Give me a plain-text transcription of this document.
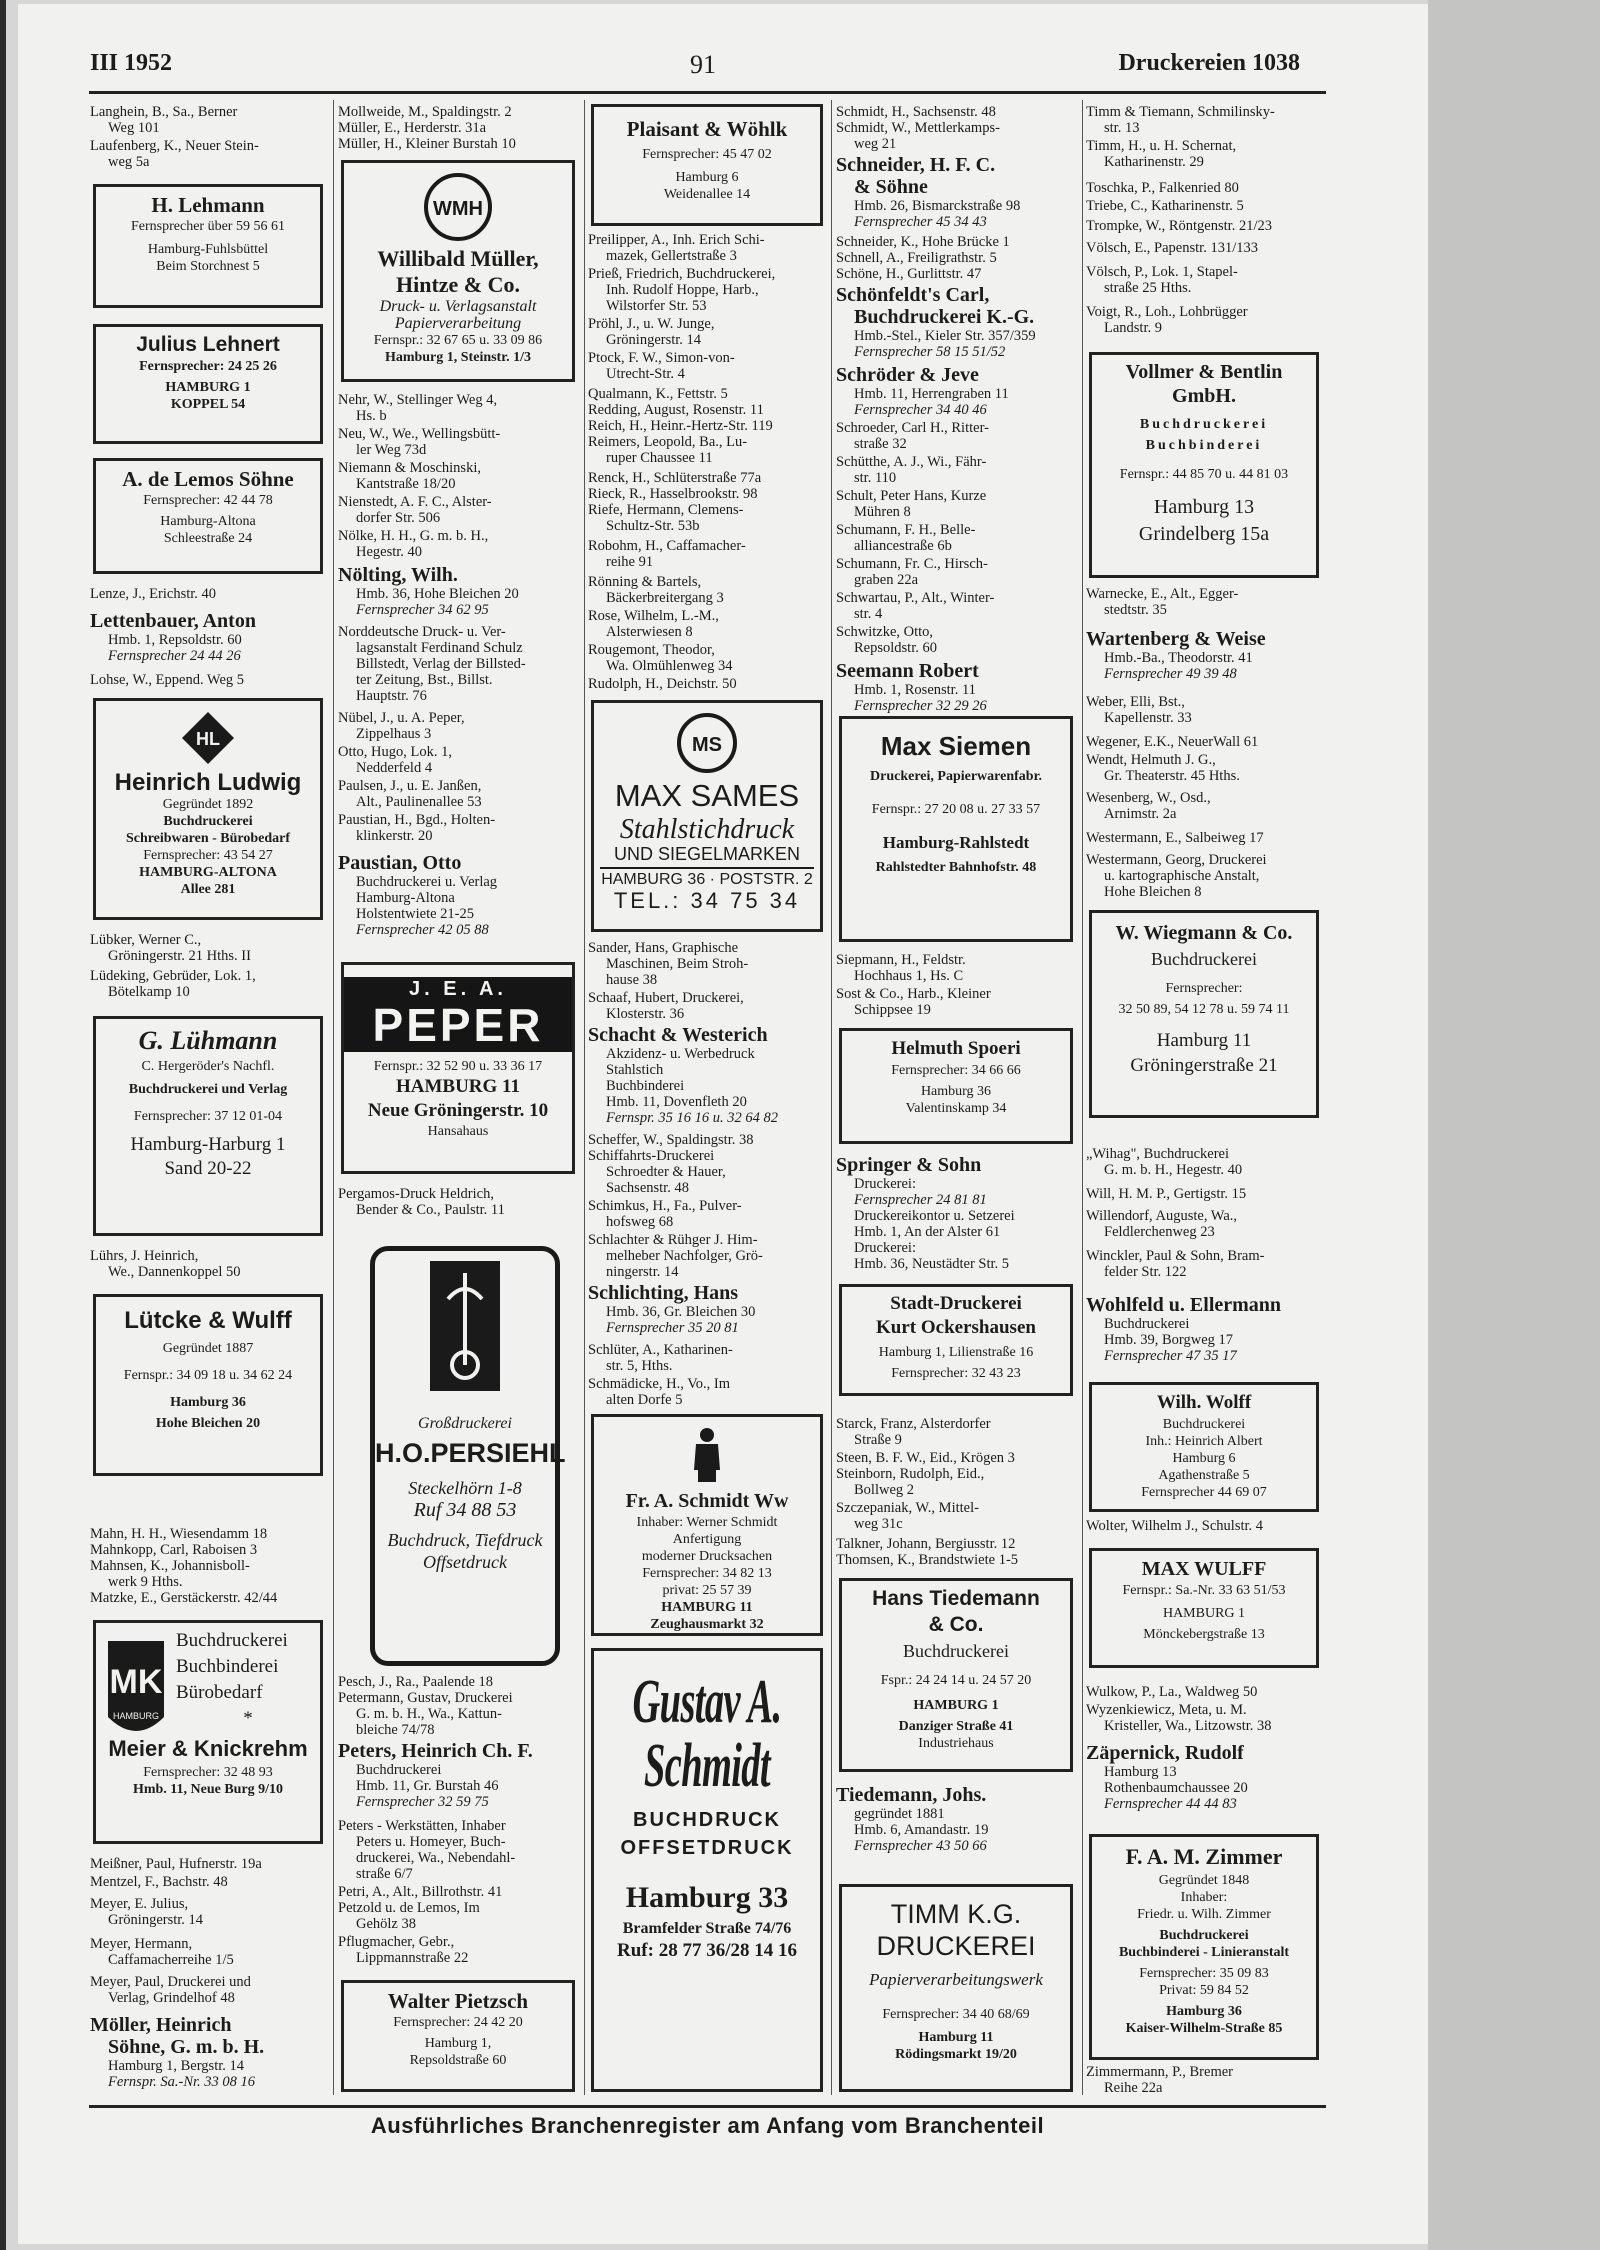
III 1952	91	Druckereien 1038
Langhein, B., Sa., Berner
Weg 101
Laufenberg, K., Neuer Stein-
weg 5a
H. Lehmann
Fernsprecher über 59 56 61
Hamburg-Fuhlsbüttel
Beim Storchnest 5
Julius Lehnert
Fernsprecher: 24 25 26
HAMBURG 1
KOPPEL 54
A. de Lemos Söhne
Fernsprecher: 42 44 78
Hamburg-Altona
Schleestraße 24
Lenze, J., Erichstr. 40
Lettenbauer, Anton
Hmb. 1, Repsoldstr. 60
Fernsprecher 24 44 26
Lohse, W., Eppend. Weg 5
HL
Heinrich Ludwig
Gegründet 1892
Buchdruckerei
Schreibwaren - Bürobedarf
Fernsprecher: 43 54 27
HAMBURG-ALTONA
Allee 281
Lübker, Werner C.,
Gröningerstr. 21 Hths. II
Lüdeking, Gebrüder, Lok. 1,
Bötelkamp 10
G. Lühmann
C. Hergeröder's Nachfl.
Buchdruckerei und Verlag
Fernsprecher: 37 12 01-04
Hamburg-Harburg 1
Sand 20-22
Lührs, J. Heinrich,
We., Dannenkoppel 50
Lütcke & Wulff
Gegründet 1887
Fernspr.: 34 09 18 u. 34 62 24
Hamburg 36
Hohe Bleichen 20
Mahn, H. H., Wiesendamm 18
Mahnkopp, Carl, Raboisen 3
Mahnsen, K., Johannisboll-
werk 9 Hths.
Matzke, E., Gerstäckerstr. 42/44
MK
HAMBURG
Buchdruckerei
Buchbinderei
Bürobedarf
*
Meier & Knickrehm
Fernsprecher: 32 48 93
Hmb. 11, Neue Burg 9/10
Meißner, Paul, Hufnerstr. 19a
Mentzel, F., Bachstr. 48
Meyer, E. Julius,
Gröningerstr. 14
Meyer, Hermann,
Caffamacherreihe 1/5
Meyer, Paul, Druckerei und
Verlag, Grindelhof 48
Möller, Heinrich
Söhne, G. m. b. H.
Hamburg 1, Bergstr. 14
Fernspr. Sa.-Nr. 33 08 16
Mollweide, M., Spaldingstr. 2
Müller, E., Herderstr. 31a
Müller, H., Kleiner Burstah 10
WMH
Willibald Müller,
Hintze & Co.
Druck- u. Verlagsanstalt
Papierverarbeitung
Fernspr.: 32 67 65 u. 33 09 86
Hamburg 1, Steinstr. 1/3
Nehr, W., Stellinger Weg 4,
Hs. b
Neu, W., We., Wellingsbütt-
ler Weg 73d
Niemann & Moschinski,
Kantstraße 18/20
Nienstedt, A. F. C., Alster-
dorfer Str. 506
Nölke, H. H., G. m. b. H.,
Hegestr. 40
Nölting, Wilh.
Hmb. 36, Hohe Bleichen 20
Fernsprecher 34 62 95
Norddeutsche Druck- u. Ver-
lagsanstalt Ferdinand Schulz
Billstedt, Verlag der Billsted-
ter Zeitung, Bst., Billst.
Hauptstr. 76
Nübel, J., u. A. Peper,
Zippelhaus 3
Otto, Hugo, Lok. 1,
Nedderfeld 4
Paulsen, J., u. E. Janßen,
Alt., Paulinenallee 53
Paustian, H., Bgd., Holten-
klinkerstr. 20
Paustian, Otto
Buchdruckerei u. Verlag
Hamburg-Altona
Holstentwiete 21-25
Fernsprecher 42 05 88
J. E. A.
PEPER
Fernspr.: 32 52 90 u. 33 36 17
HAMBURG 11
Neue Gröningerstr. 10
Hansahaus
Pergamos-Druck Heldrich,
Bender & Co., Paulstr. 11
Großdruckerei
H.O.PERSIEHL
Steckelhörn 1-8
Ruf 34 88 53
Buchdruck, Tiefdruck
Offsetdruck
Pesch, J., Ra., Paalende 18
Petermann, Gustav, Druckerei
G. m. b. H., Wa., Kattun-
bleiche 74/78
Peters, Heinrich Ch. F.
Buchdruckerei
Hmb. 11, Gr. Burstah 46
Fernsprecher 32 59 75
Peters - Werkstätten, Inhaber
Peters u. Homeyer, Buch-
druckerei, Wa., Nebendahl-
straße 6/7
Petri, A., Alt., Billrothstr. 41
Petzold u. de Lemos, Im
Gehölz 38
Pflugmacher, Gebr.,
Lippmannstraße 22
Walter Pietzsch
Fernsprecher: 24 42 20
Hamburg 1,
Repsoldstraße 60
Plaisant & Wöhlk
Fernsprecher: 45 47 02
Hamburg 6
Weidenallee 14
Preilipper, A., Inh. Erich Schi-
mazek, Gellertstraße 3
Prieß, Friedrich, Buchdruckerei,
Inh. Rudolf Hoppe, Harb.,
Wilstorfer Str. 53
Pröhl, J., u. W. Junge,
Gröningerstr. 14
Ptock, F. W., Simon-von-
Utrecht-Str. 4
Qualmann, K., Fettstr. 5
Redding, August, Rosenstr. 11
Reich, H., Heinr.-Hertz-Str. 119
Reimers, Leopold, Ba., Lu-
ruper Chaussee 11
Renck, H., Schlüterstraße 77a
Rieck, R., Hasselbrookstr. 98
Riefe, Hermann, Clemens-
Schultz-Str. 53b
Robohm, H., Caffamacher-
reihe 91
Rönning & Bartels,
Bäckerbreitergang 3
Rose, Wilhelm, L.-M.,
Alsterwiesen 8
Rougemont, Theodor,
Wa. Olmühlenweg 34
Rudolph, H., Deichstr. 50
MS
MAX SAMES
Stahlstichdruck
UND SIEGELMARKEN
HAMBURG 36 · POSTSTR. 2
TEL.: 34 75 34
Sander, Hans, Graphische
Maschinen, Beim Stroh-
hause 38
Schaaf, Hubert, Druckerei,
Klosterstr. 36
Schacht & Westerich
Akzidenz- u. Werbedruck
Stahlstich
Buchbinderei
Hmb. 11, Dovenfleth 20
Fernspr. 35 16 16 u. 32 64 82
Scheffer, W., Spaldingstr. 38
Schiffahrts-Druckerei
Schroedter & Hauer,
Sachsenstr. 48
Schimkus, H., Fa., Pulver-
hofsweg 68
Schlachter & Rühger J. Him-
melheber Nachfolger, Grö-
ningerstr. 14
Schlichting, Hans
Hmb. 36, Gr. Bleichen 30
Fernsprecher 35 20 81
Schlüter, A., Katharinen-
str. 5, Hths.
Schmädicke, H., Vo., Im
alten Dorfe 5
Fr. A. Schmidt Ww
Inhaber: Werner Schmidt
Anfertigung
moderner Drucksachen
Fernsprecher: 34 82 13
privat: 25 57 39
HAMBURG 11
Zeughausmarkt 32
Gustav A. Schmidt
BUCHDRUCK
OFFSETDRUCK
Hamburg 33
Bramfelder Straße 74/76
Ruf: 28 77 36/28 14 16
Schmidt, H., Sachsenstr. 48
Schmidt, W., Mettlerkamps-
weg 21
Schneider, H. F. C.
& Söhne
Hmb. 26, Bismarckstraße 98
Fernsprecher 45 34 43
Schneider, K., Hohe Brücke 1
Schnell, A., Freiligrathstr. 5
Schöne, H., Gurlittstr. 47
Schönfeldt's Carl,
Buchdruckerei K.-G.
Hmb.-Stel., Kieler Str. 357/359
Fernsprecher 58 15 51/52
Schröder & Jeve
Hmb. 11, Herrengraben 11
Fernsprecher 34 40 46
Schroeder, Carl H., Ritter-
straße 32
Schütthe, A. J., Wi., Fähr-
str. 110
Schult, Peter Hans, Kurze
Mühren 8
Schumann, F. H., Belle-
alliancestraße 6b
Schumann, Fr. C., Hirsch-
graben 22a
Schwartau, P., Alt., Winter-
str. 4
Schwitzke, Otto,
Repsoldstr. 60
Seemann Robert
Hmb. 1, Rosenstr. 11
Fernsprecher 32 29 26
Max Siemen
Druckerei, Papierwarenfabr.
Fernspr.: 27 20 08 u. 27 33 57
Hamburg-Rahlstedt
Rahlstedter Bahnhofstr. 48
Siepmann, H., Feldstr.
Hochhaus 1, Hs. C
Sost & Co., Harb., Kleiner
Schippsee 19
Helmuth Spoeri
Fernsprecher: 34 66 66
Hamburg 36
Valentinskamp 34
Springer & Sohn
Druckerei:
Fernsprecher 24 81 81
Druckereikontor u. Setzerei
Hmb. 1, An der Alster 61
Druckerei:
Hmb. 36, Neustädter Str. 5
Stadt-Druckerei
Kurt Ockershausen
Hamburg 1, Lilienstraße 16
Fernsprecher: 32 43 23
Starck, Franz, Alsterdorfer
Straße 9
Steen, B. F. W., Eid., Krögen 3
Steinborn, Rudolph, Eid.,
Bollweg 2
Szczepaniak, W., Mittel-
weg 31c
Talkner, Johann, Bergiusstr. 12
Thomsen, K., Brandstwiete 1-5
Hans Tiedemann
& Co.
Buchdruckerei
Fspr.: 24 24 14 u. 24 57 20
HAMBURG 1
Danziger Straße 41
Industriehaus
Tiedemann, Johs.
gegründet 1881
Hmb. 6, Amandastr. 19
Fernsprecher 43 50 66
TIMM K.G.
DRUCKEREI
Papierverarbeitungswerk
Fernsprecher: 34 40 68/69
Hamburg 11
Rödingsmarkt 19/20
Timm & Tiemann, Schmilinsky-
str. 13
Timm, H., u. H. Schernat,
Katharinenstr. 29
Toschka, P., Falkenried 80
Triebe, C., Katharinenstr. 5
Trompke, W., Röntgenstr. 21/23
Völsch, E., Papenstr. 131/133
Völsch, P., Lok. 1, Stapel-
straße 25 Hths.
Voigt, R., Loh., Lohbrügger
Landstr. 9
Vollmer & Bentlin
GmbH.
Buchdruckerei
Buchbinderei
Fernspr.: 44 85 70 u. 44 81 03
Hamburg 13
Grindelberg 15a
Warnecke, E., Alt., Egger-
stedtstr. 35
Wartenberg & Weise
Hmb.-Ba., Theodorstr. 41
Fernsprecher 49 39 48
Weber, Elli, Bst.,
Kapellenstr. 33
Wegener, E.K., NeuerWall 61
Wendt, Helmuth J. G.,
Gr. Theaterstr. 45 Hths.
Wesenberg, W., Osd.,
Arnimstr. 2a
Westermann, E., Salbeiweg 17
Westermann, Georg, Druckerei
u. kartographische Anstalt,
Hohe Bleichen 8
W. Wiegmann & Co.
Buchdruckerei
Fernsprecher:
32 50 89, 54 12 78 u. 59 74 11
Hamburg 11
Gröningerstraße 21
„Wihag", Buchdruckerei
G. m. b. H., Hegestr. 40
Will, H. M. P., Gertigstr. 15
Willendorf, Auguste, Wa.,
Feldlerchenweg 23
Winckler, Paul & Sohn, Bram-
felder Str. 122
Wohlfeld u. Ellermann
Buchdruckerei
Hmb. 39, Borgweg 17
Fernsprecher 47 35 17
Wilh. Wolff
Buchdruckerei
Inh.: Heinrich Albert
Hamburg 6
Agathenstraße 5
Fernsprecher 44 69 07
Wolter, Wilhelm J., Schulstr. 4
MAX WULFF
Fernspr.: Sa.-Nr. 33 63 51/53
HAMBURG 1
Mönckebergstraße 13
Wulkow, P., La., Waldweg 50
Wyzenkiewicz, Meta, u. M.
Kristeller, Wa., Litzowstr. 38
Zäpernick, Rudolf
Hamburg 13
Rothenbaumchaussee 20
Fernsprecher 44 44 83
F. A. M. Zimmer
Gegründet 1848
Inhaber:
Friedr. u. Wilh. Zimmer
Buchdruckerei
Buchbinderei - Linieranstalt
Fernsprecher: 35 09 83
Privat: 59 84 52
Hamburg 36
Kaiser-Wilhelm-Straße 85
Zimmermann, P., Bremer
Reihe 22a
Ausführliches Branchenregister am Anfang vom Branchenteil
